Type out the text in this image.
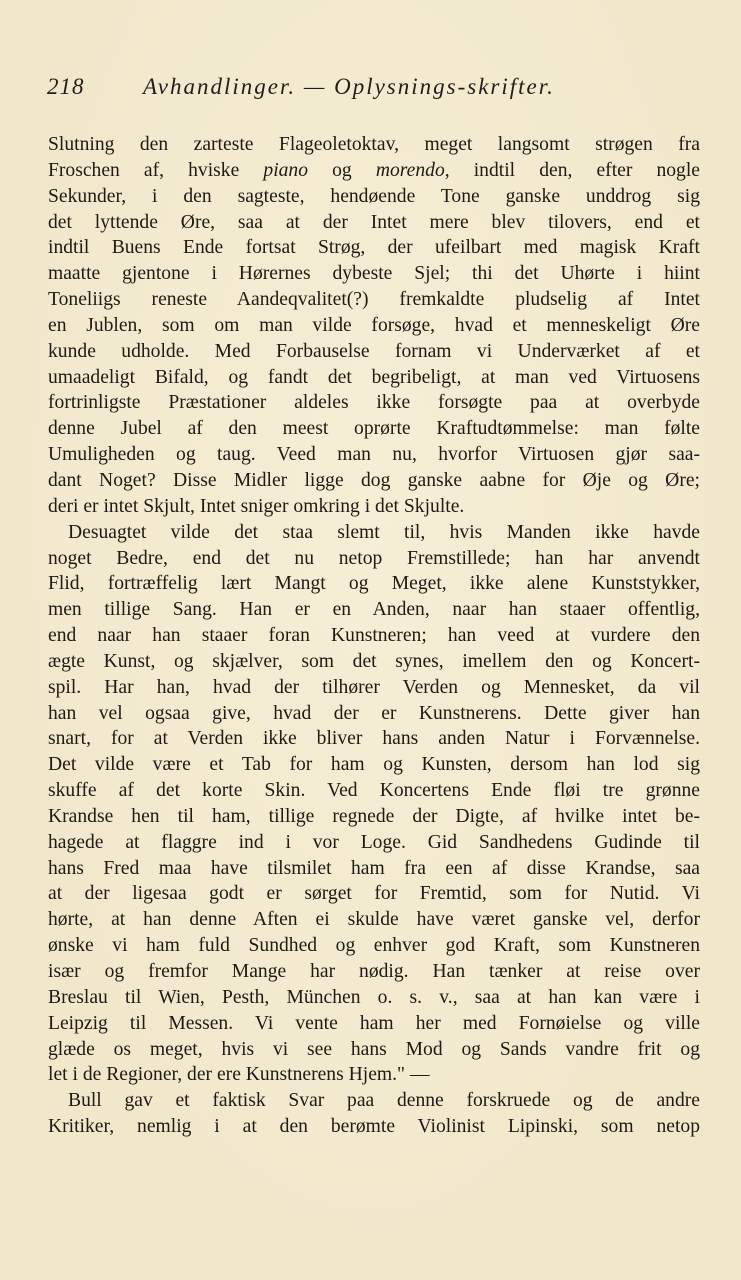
218	Avhandlinger. — Oplysnings-skrifter.
Slutning den zarteste Flageoletoktav, meget langsomt strøgen fra
Froschen af, hviske piano og morendo, indtil den, efter nogle
Sekunder, i den sagteste, hendøende Tone ganske unddrog sig
det lyttende Øre, saa at der Intet mere blev tilovers, end et
indtil Buens Ende fortsat Strøg, der ufeilbart med magisk Kraft
maatte gjentone i Hørernes dybeste Sjel; thi det Uhørte i hiint
Toneliigs reneste Aandeqvalitet(?) fremkaldte pludselig af Intet
en Jublen, som om man vilde forsøge, hvad et menneskeligt Øre
kunde udholde. Med Forbauselse fornam vi Underværket af et
umaadeligt Bifald, og fandt det begribeligt, at man ved Virtuosens
fortrinligste Præstationer aldeles ikke forsøgte paa at overbyde
denne Jubel af den meest oprørte Kraftudtømmelse: man følte
Umuligheden og taug. Veed man nu, hvorfor Virtuosen gjør saa-
dant Noget? Disse Midler ligge dog ganske aabne for Øje og Øre;
deri er intet Skjult, Intet sniger omkring i det Skjulte.
Desuagtet vilde det staa slemt til, hvis Manden ikke havde
noget Bedre, end det nu netop Fremstillede; han har anvendt
Flid, fortræffelig lært Mangt og Meget, ikke alene Kunststykker,
men tillige Sang. Han er en Anden, naar han staaer offentlig,
end naar han staaer foran Kunstneren; han veed at vurdere den
ægte Kunst, og skjælver, som det synes, imellem den og Koncert-
spil. Har han, hvad der tilhører Verden og Mennesket, da vil
han vel ogsaa give, hvad der er Kunstnerens. Dette giver han
snart, for at Verden ikke bliver hans anden Natur i Forvænnelse.
Det vilde være et Tab for ham og Kunsten, dersom han lod sig
skuffe af det korte Skin. Ved Koncertens Ende fløi tre grønne
Krandse hen til ham, tillige regnede der Digte, af hvilke intet be-
hagede at flaggre ind i vor Loge. Gid Sandhedens Gudinde til
hans Fred maa have tilsmilet ham fra een af disse Krandse, saa
at der ligesaa godt er sørget for Fremtid, som for Nutid. Vi
hørte, at han denne Aften ei skulde have været ganske vel, derfor
ønske vi ham fuld Sundhed og enhver god Kraft, som Kunstneren
især og fremfor Mange har nødig. Han tænker at reise over
Breslau til Wien, Pesth, München o. s. v., saa at han kan være i
Leipzig til Messen. Vi vente ham her med Fornøielse og ville
glæde os meget, hvis vi see hans Mod og Sands vandre frit og
let i de Regioner, der ere Kunstnerens Hjem." —
Bull gav et faktisk Svar paa denne forskruede og de andre
Kritiker, nemlig i at den berømte Violinist Lipinski, som netop
